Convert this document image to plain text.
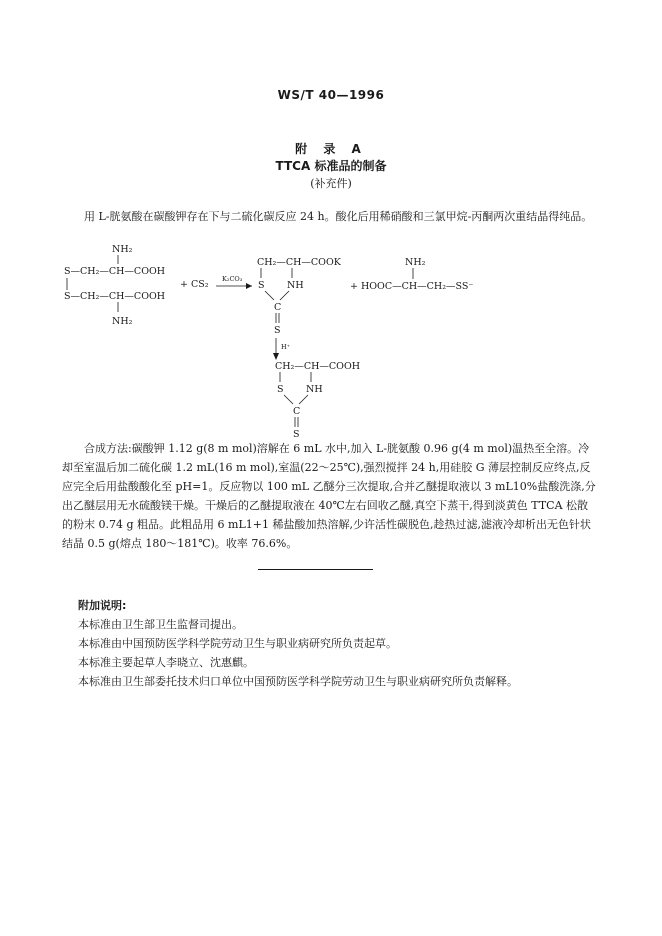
WS/T 40—1996
附 录 A
TTCA 标准品的制备
(补充件)
用 L-胱氨酸在碳酸钾存在下与二硫化碳反应 24 h。酸化后用稀硝酸和三氯甲烷-丙酮两次重结晶得纯品。
NH₂
S—CH₂—CH—COOH
S—CH₂—CH—COOH
NH₂
+ CS₂ K₂CO₃
CH₂—CH—COOK
S NH
C
S
NH₂
+ HOOC—CH—CH₂—SS⁻
H⁺
CH₂—CH—COOH
S NH
C
S
合成方法:碳酸钾 1.12 g(8 m mol)溶解在 6 mL 水中,加入 L-胱氨酸 0.96 g(4 m mol)温热至全溶。冷却至室温后加二硫化碳 1.2 mL(16 m mol),室温(22～25℃),强烈搅拌 24 h,用硅胶 G 薄层控制反应终点,反应完全后用盐酸酸化至 pH=1。反应物以 100 mL 乙醚分三次提取,合并乙醚提取液以 3 mL10%盐酸洗涤,分出乙醚层用无水硫酸镁干燥。干燥后的乙醚提取液在 40℃左右回收乙醚,真空下蒸干,得到淡黄色 TTCA 松散的粉末 0.74 g 粗品。此粗品用 6 mL1+1 稀盐酸加热溶解,少许活性碳脱色,趁热过滤,滤液冷却析出无色针状结晶 0.5 g(熔点 180～181℃)。收率 76.6%。
附加说明:
本标准由卫生部卫生监督司提出。
本标准由中国预防医学科学院劳动卫生与职业病研究所负责起草。
本标准主要起草人李晓立、沈惠麒。
本标准由卫生部委托技术归口单位中国预防医学科学院劳动卫生与职业病研究所负责解释。
